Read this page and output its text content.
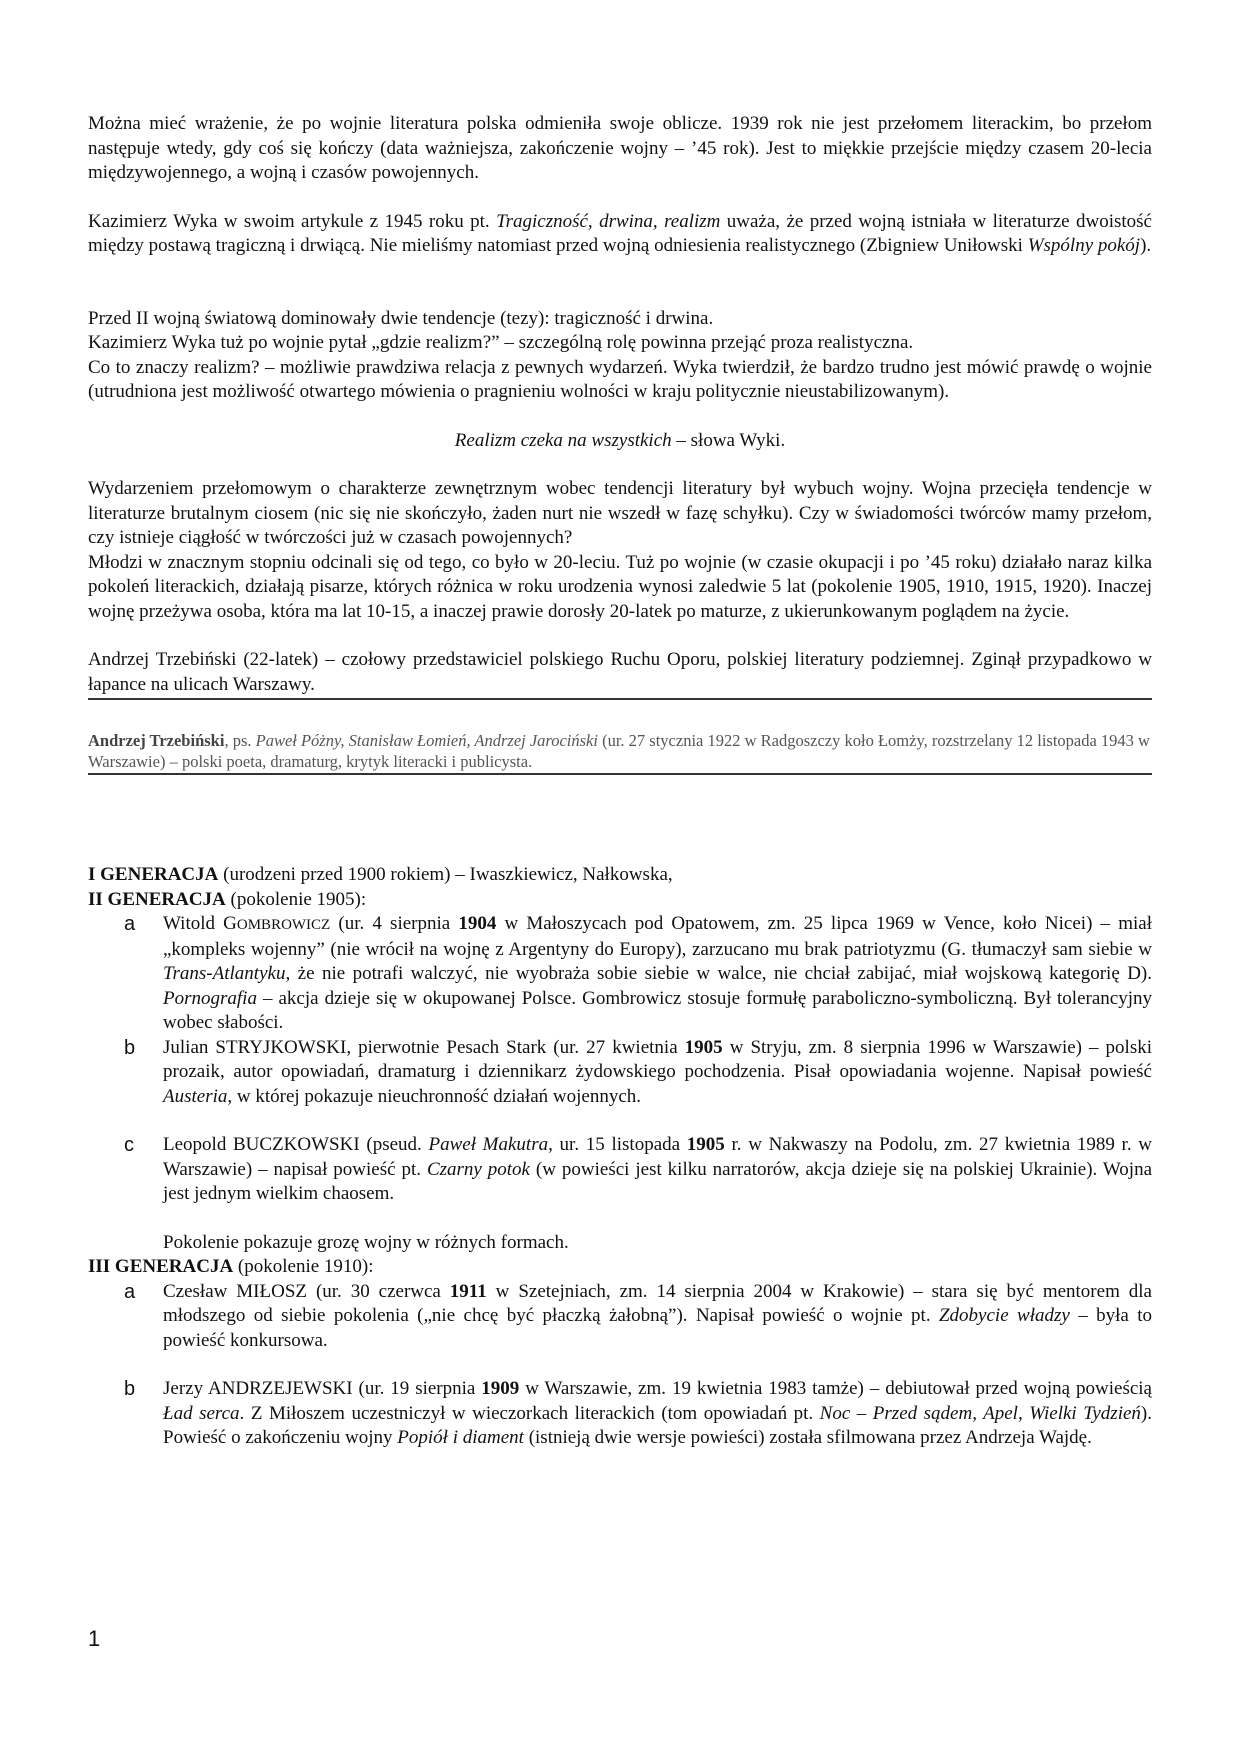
Można mieć wrażenie, że po wojnie literatura polska odmieniła swoje oblicze. 1939 rok nie jest przełomem literackim, bo przełom następuje wtedy, gdy coś się kończy (data ważniejsza, zakończenie wojny – ’45 rok). Jest to miękkie przejście między czasem 20-lecia międzywojennego, a wojną i czasów powojennych.

Kazimierz Wyka w swoim artykule z 1945 roku pt. Tragiczność, drwina, realizm uważa, że przed wojną istniała w literaturze dwoistość między postawą tragiczną i drwiącą. Nie mieliśmy natomiast przed wojną odniesienia realistycznego (Zbigniew Uniłowski Wspólny pokój).

Przed II wojną światową dominowały dwie tendencje (tezy): tragiczność i drwina.

Kazimierz Wyka tuż po wojnie pytał „gdzie realizm?” – szczególną rolę powinna przejąć proza realistyczna.

Co to znaczy realizm? – możliwie prawdziwa relacja z pewnych wydarzeń. Wyka twierdził, że bardzo trudno jest mówić prawdę o wojnie (utrudniona jest możliwość otwartego mówienia o pragnieniu wolności w kraju politycznie nieustabilizowanym).

Realizm czeka na wszystkich – słowa Wyki.

Wydarzeniem przełomowym o charakterze zewnętrznym wobec tendencji literatury był wybuch wojny. Wojna przecięła tendencje w literaturze brutalnym ciosem (nic się nie skończyło, żaden nurt nie wszedł w fazę schyłku). Czy w świadomości twórców mamy przełom, czy istnieje ciągłość w twórczości już w czasach powojennych?

Młodzi w znacznym stopniu odcinali się od tego, co było w 20-leciu. Tuż po wojnie (w czasie okupacji i po ’45 roku) działało naraz kilka pokoleń literackich, działają pisarze, których różnica w roku urodzenia wynosi zaledwie 5 lat (pokolenie 1905, 1910, 1915, 1920). Inaczej wojnę przeżywa osoba, która ma lat 10-15, a inaczej prawie dorosły 20-latek po maturze, z ukierunkowanym poglądem na życie.

Andrzej Trzebiński (22-latek) – czołowy przedstawiciel polskiego Ruchu Oporu, polskiej literatury podziemnej. Zginął przypadkowo w łapance na ulicach Warszawy.

Andrzej Trzebiński, ps. Paweł Póżny, Stanisław Łomień, Andrzej Jarociński (ur. 27 stycznia 1922 w Radgoszczy koło Łomży, rozstrzelany 12 listopada 1943 w Warszawie) – polski poeta, dramaturg, krytyk literacki i publicysta.

I GENERACJA (urodzeni przed 1900 rokiem) – Iwaszkiewicz, Nałkowska,

II GENERACJA (pokolenie 1905):

a Witold GOMBROWICZ (ur. 4 sierpnia 1904 w Małoszycach pod Opatowem, zm. 25 lipca 1969 w Vence, koło Nicei) – miał „kompleks wojenny” (nie wrócił na wojnę z Argentyny do Europy), zarzucano mu brak patriotyzmu (G. tłumaczył sam siebie w Trans-Atlantyku, że nie potrafi walczyć, nie wyobraża sobie siebie w walce, nie chciał zabijać, miał wojskową kategorię D). Pornografia – akcja dzieje się w okupowanej Polsce. Gombrowicz stosuje formułę paraboliczno-symboliczną. Był tolerancyjny wobec słabości.
b Julian STRYJKOWSKI, pierwotnie Pesach Stark (ur. 27 kwietnia 1905 w Stryju, zm. 8 sierpnia 1996 w Warszawie) – polski prozaik, autor opowiadań, dramaturg i dziennikarz żydowskiego pochodzenia. Pisał opowiadania wojenne. Napisał powieść Austeria, w której pokazuje nieuchronność działań wojennych.
c Leopold BUCZKOWSKI (pseud. Paweł Makutra, ur. 15 listopada 1905 r. w Nakwaszy na Podolu, zm. 27 kwietnia 1989 r. w Warszawie) – napisał powieść pt. Czarny potok (w powieści jest kilku narratorów, akcja dzieje się na polskiej Ukrainie). Wojna jest jednym wielkim chaosem.

Pokolenie pokazuje grozę wojny w różnych formach.

III GENERACJA (pokolenie 1910):

a Czesław MIŁOSZ (ur. 30 czerwca 1911 w Szetejniach, zm. 14 sierpnia 2004 w Krakowie) – stara się być mentorem dla młodszego od siebie pokolenia („nie chcę być płaczką żałobną”). Napisał powieść o wojnie pt. Zdobycie władzy – była to powieść konkursowa.
b Jerzy ANDRZEJEWSKI (ur. 19 sierpnia 1909 w Warszawie, zm. 19 kwietnia 1983 tamże) – debiutował przed wojną powieścią Ład serca. Z Miłoszem uczestniczył w wieczorkach literackich (tom opowiadań pt. Noc – Przed sądem, Apel, Wielki Tydzień). Powieść o zakończeniu wojny Popiół i diament (istnieją dwie wersje powieści) została sfilmowana przez Andrzeja Wajdę.
1
